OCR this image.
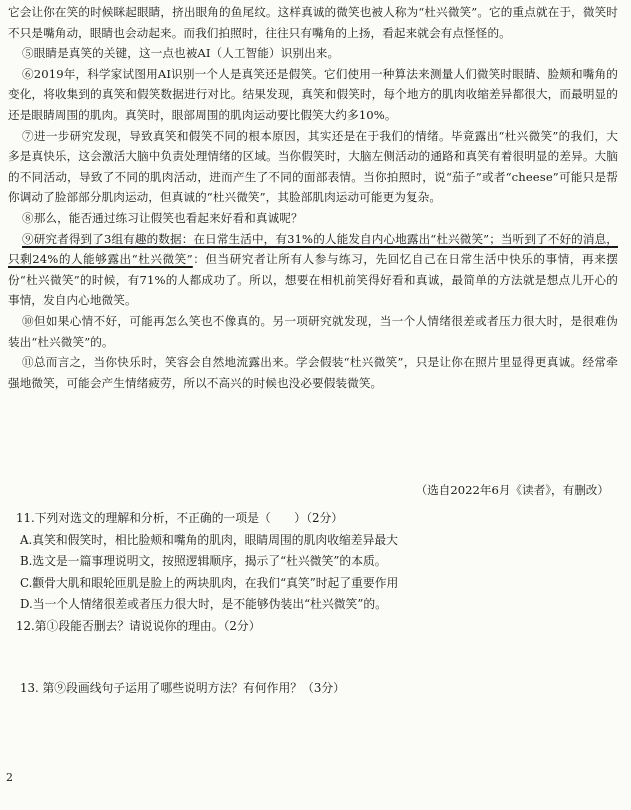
它会让你在笑的时候眯起眼睛，挤出眼角的鱼尾纹。这样真诚的微笑也被人称为“杜兴微笑”。它的重点就在于，微笑时不只是嘴角动，眼睛也会动起来。而我们拍照时，往往只有嘴角的上扬，看起来就会有点怪怪的。

⑤眼睛是真笑的关键，这一点也被AI（人工智能）识别出来。

⑥2019年，科学家试图用AI识别一个人是真笑还是假笑。它们使用一种算法来测量人们微笑时眼睛、脸颊和嘴角的变化，将收集到的真笑和假笑数据进行对比。结果发现，真笑和假笑时，每个地方的肌肉收缩差异都很大，而最明显的还是眼睛周围的肌肉。真笑时，眼部周围的肌肉运动要比假笑大约多10%。

⑦进一步研究发现，导致真笑和假笑不同的根本原因，其实还是在于我们的情绪。毕竟露出“杜兴微笑”的我们，大多是真快乐，这会激活大脑中负责处理情绪的区域。当你假笑时，大脑左侧活动的通路和真笑有着很明显的差异。大脑的不同活动，导致了不同的肌肉活动，进而产生了不同的面部表情。当你拍照时，说“茄子”或者“cheese”可能只是帮你调动了脸部部分肌肉运动，但真诚的“杜兴微笑”，其脸部肌肉运动可能更为复杂。

⑧那么，能否通过练习让假笑也看起来好看和真诚呢？

⑨研究者得到了3组有趣的数据：在日常生活中，有31%的人能发自内心地露出“杜兴微笑”；当听到了不好的消息，只剩24%的人能够露出“杜兴微笑”：但当研究者让所有人参与练习，先回忆自己在日常生活中快乐的事情，再来摆份“杜兴微笑”的时候，有71%的人都成功了。所以，想要在相机前笑得好看和真诚，最简单的方法就是想点儿开心的事情，发自内心地微笑。

⑩但如果心情不好，可能再怎么笑也不像真的。另一项研究就发现，当一个人情绪很差或者压力很大时，是很难伪装出“杜兴微笑”的。

⑪总而言之，当你快乐时，笑容会自然地流露出来。学会假装“杜兴微笑”，只是让你在照片里显得更真诚。经常牵强地微笑，可能会产生情绪疲劳，所以不高兴的时候也没必要假装微笑。

（选自2022年6月《读者》，有删改）

11.下列对选文的理解和分析，不正确的一项是（　　）（2分）

A.真笑和假笑时，相比脸颊和嘴角的肌肉，眼睛周围的肌肉收缩差异最大

B.选文是一篇事理说明文，按照逻辑顺序，揭示了“杜兴微笑”的本质。

C.颧骨大肌和眼轮匝肌是脸上的两块肌肉，在我们“真笑”时起了重要作用

D.当一个人情绪很差或者压力很大时，是不能够伪装出“杜兴微笑”的。

12.第①段能否删去？请说说你的理由。（2分）

13. 第⑨段画线句子运用了哪些说明方法？有何作用？（3分）

2
